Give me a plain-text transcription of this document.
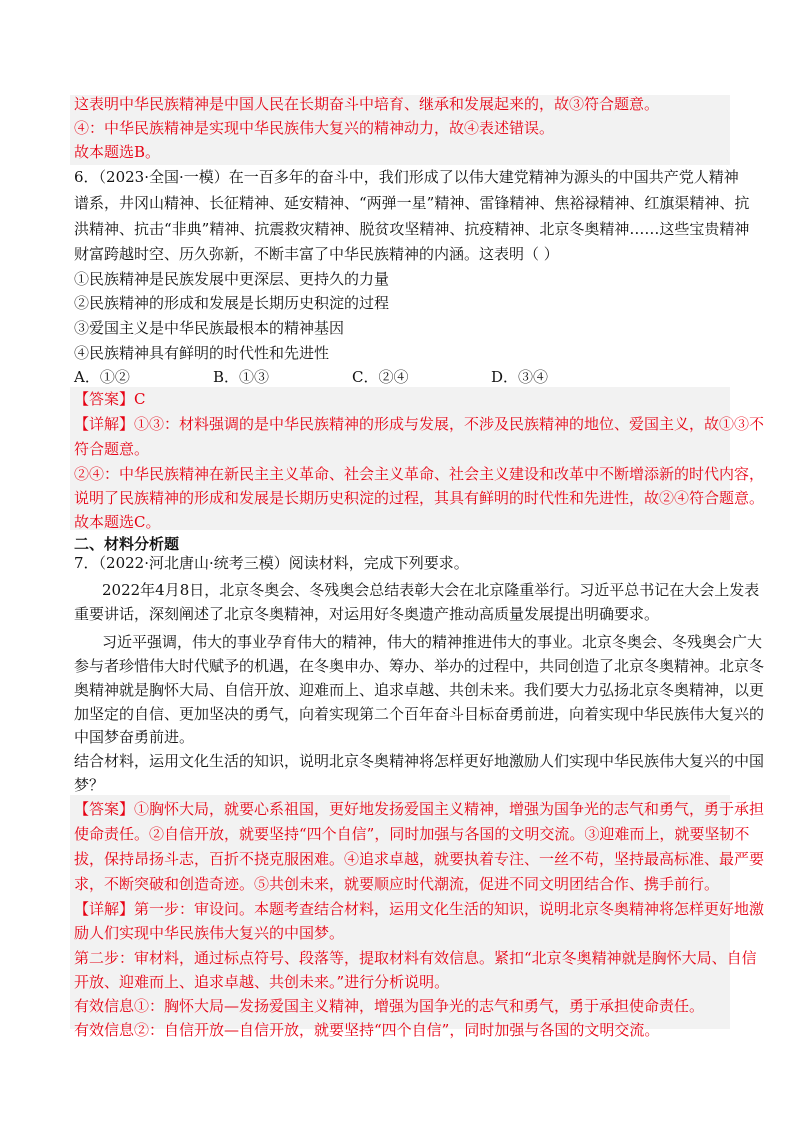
这表明中华民族精神是中国人民在长期奋斗中培育、继承和发展起来的，故③符合题意。
④：中华民族精神是实现中华民族伟大复兴的精神动力，故④表述错误。
故本题选B。
6．（2023·全国·一模）在一百多年的奋斗中，我们形成了以伟大建党精神为源头的中国共产党人精神
谱系，井冈山精神、长征精神、延安精神、“两弹一星”精神、雷锋精神、焦裕禄精神、红旗渠精神、抗
洪精神、抗击“非典”精神、抗震救灾精神、脱贫攻坚精神、抗疫精神、北京冬奥精神……这些宝贵精神
财富跨越时空、历久弥新，不断丰富了中华民族精神的内涵。这表明（ ）
①民族精神是民族发展中更深层、更持久的力量
②民族精神的形成和发展是长期历史积淀的过程
③爱国主义是中华民族最根本的精神基因
④民族精神具有鲜明的时代性和先进性
A．①②	B．①③	C．②④	D．③④
【答案】C
【详解】①③：材料强调的是中华民族精神的形成与发展，不涉及民族精神的地位、爱国主义，故①③不
符合题意。
②④：中华民族精神在新民主主义革命、社会主义革命、社会主义建设和改革中不断增添新的时代内容，
说明了民族精神的形成和发展是长期历史积淀的过程，其具有鲜明的时代性和先进性，故②④符合题意。
故本题选C。
二、材料分析题
7．（2022·河北唐山·统考三模）阅读材料，完成下列要求。
2022年4月8日，北京冬奥会、冬残奥会总结表彰大会在北京隆重举行。习近平总书记在大会上发表
重要讲话，深刻阐述了北京冬奥精神，对运用好冬奥遗产推动高质量发展提出明确要求。
习近平强调，伟大的事业孕育伟大的精神，伟大的精神推进伟大的事业。北京冬奥会、冬残奥会广大
参与者珍惜伟大时代赋予的机遇，在冬奥申办、筹办、举办的过程中，共同创造了北京冬奥精神。北京冬
奥精神就是胸怀大局、自信开放、迎难而上、追求卓越、共创未来。我们要大力弘扬北京冬奥精神，以更
加坚定的自信、更加坚决的勇气，向着实现第二个百年奋斗目标奋勇前进，向着实现中华民族伟大复兴的
中国梦奋勇前进。
结合材料，运用文化生活的知识，说明北京冬奥精神将怎样更好地激励人们实现中华民族伟大复兴的中国
梦？
【答案】①胸怀大局，就要心系祖国，更好地发扬爱国主义精神，增强为国争光的志气和勇气，勇于承担
使命责任。②自信开放，就要坚持“四个自信”，同时加强与各国的文明交流。③迎难而上，就要坚韧不
拔，保持昂扬斗志，百折不挠克服困难。④追求卓越，就要执着专注、一丝不苟，坚持最高标准、最严要
求，不断突破和创造奇迹。⑤共创未来，就要顺应时代潮流，促进不同文明团结合作、携手前行。
【详解】第一步：审设问。本题考查结合材料，运用文化生活的知识，说明北京冬奥精神将怎样更好地激
励人们实现中华民族伟大复兴的中国梦。
第二步：审材料，通过标点符号、段落等，提取材料有效信息。紧扣“北京冬奥精神就是胸怀大局、自信
开放、迎难而上、追求卓越、共创未来。”进行分析说明。
有效信息①：胸怀大局—发扬爱国主义精神，增强为国争光的志气和勇气，勇于承担使命责任。
有效信息②：自信开放—自信开放，就要坚持“四个自信”，同时加强与各国的文明交流。
